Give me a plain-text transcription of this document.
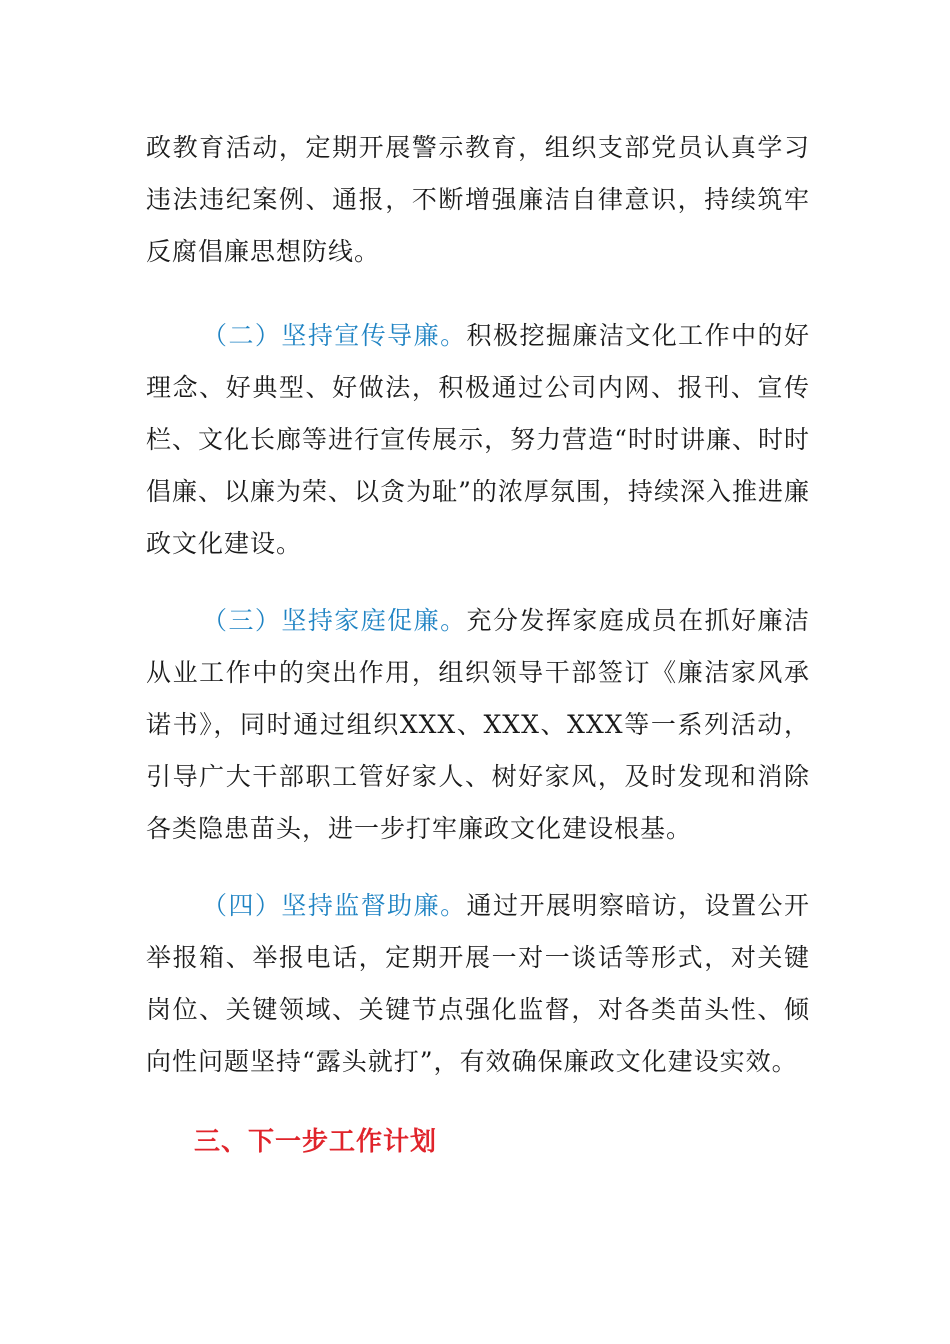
政教育活动，定期开展警示教育，组织支部党员认真学习违法违纪案例、通报，不断增强廉洁自律意识，持续筑牢反腐倡廉思想防线。

（二）坚持宣传导廉。积极挖掘廉洁文化工作中的好理念、好典型、好做法，积极通过公司内网、报刊、宣传栏、文化长廊等进行宣传展示，努力营造“时时讲廉、时时倡廉、以廉为荣、以贪为耻”的浓厚氛围，持续深入推进廉政文化建设。

（三）坚持家庭促廉。充分发挥家庭成员在抓好廉洁从业工作中的突出作用，组织领导干部签订《廉洁家风承诺书》，同时通过组织XXX、XXX、XXX等一系列活动，引导广大干部职工管好家人、树好家风，及时发现和消除各类隐患苗头，进一步打牢廉政文化建设根基。

（四）坚持监督助廉。通过开展明察暗访，设置公开举报箱、举报电话，定期开展一对一谈话等形式，对关键岗位、关键领域、关键节点强化监督，对各类苗头性、倾向性问题坚持“露头就打”，有效确保廉政文化建设实效。

三、下一步工作计划
